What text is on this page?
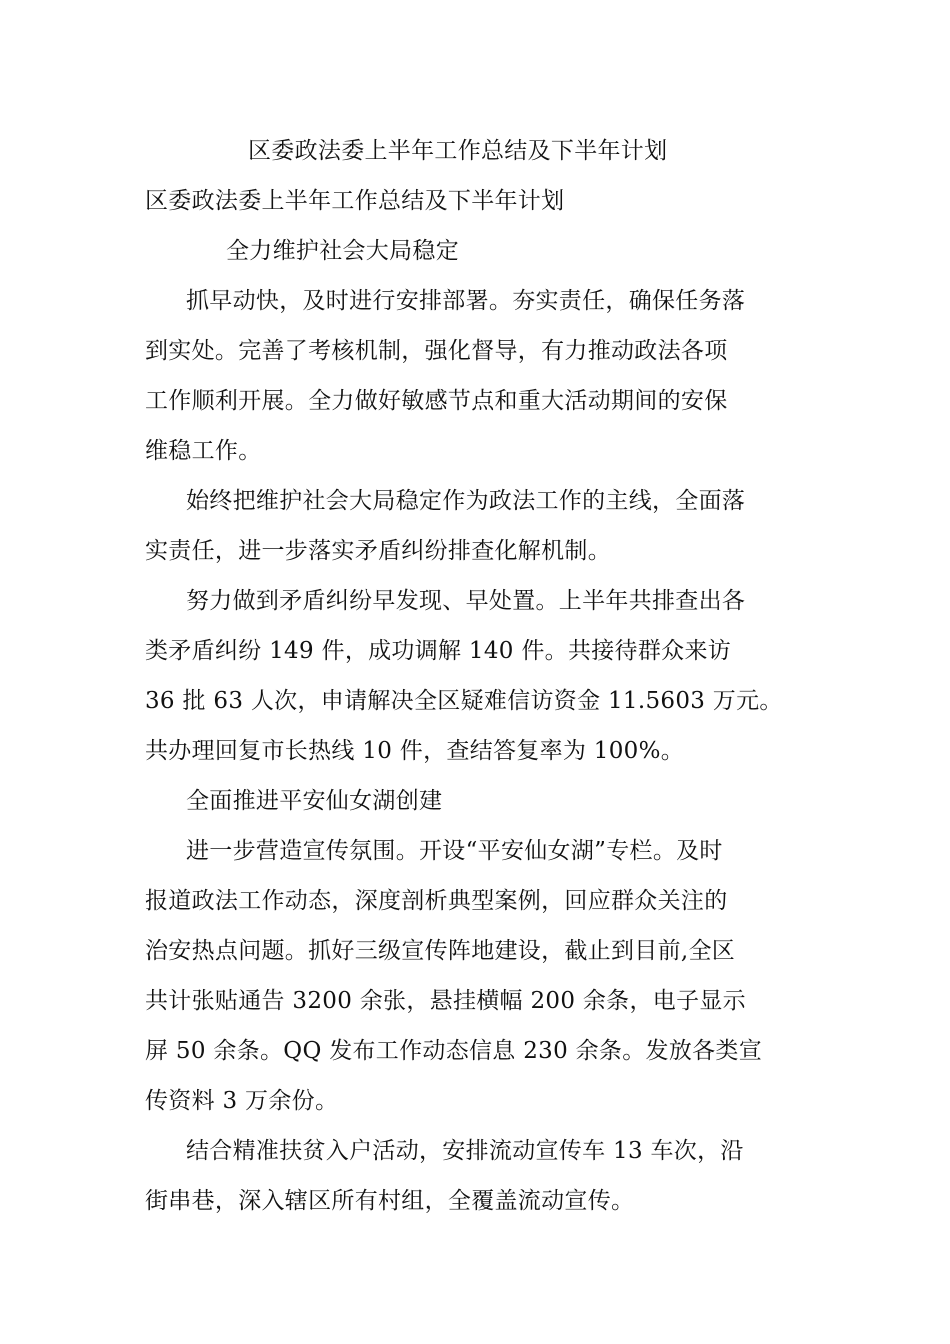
区委政法委上半年工作总结及下半年计划
区委政法委上半年工作总结及下半年计划
全力维护社会大局稳定
抓早动快，及时进行安排部署。夯实责任，确保任务落
到实处。完善了考核机制，强化督导，有力推动政法各项
工作顺利开展。全力做好敏感节点和重大活动期间的安保
维稳工作。
始终把维护社会大局稳定作为政法工作的主线，全面落
实责任，进一步落实矛盾纠纷排查化解机制。
努力做到矛盾纠纷早发现、早处置。上半年共排查出各
类矛盾纠纷 149 件，成功调解 140 件。共接待群众来访
36 批 63 人次，申请解决全区疑难信访资金 11.5603 万元。
共办理回复市长热线 10 件，查结答复率为 100%。
全面推进平安仙女湖创建
进一步营造宣传氛围。开设“平安仙女湖”专栏。及时
报道政法工作动态，深度剖析典型案例，回应群众关注的
治安热点问题。抓好三级宣传阵地建设，截止到目前,全区
共计张贴通告 3200 余张，悬挂横幅 200 余条，电子显示
屏 50 余条。QQ 发布工作动态信息 230 余条。发放各类宣
传资料 3 万余份。
结合精准扶贫入户活动，安排流动宣传车 13 车次，沿
街串巷，深入辖区所有村组，全覆盖流动宣传。
